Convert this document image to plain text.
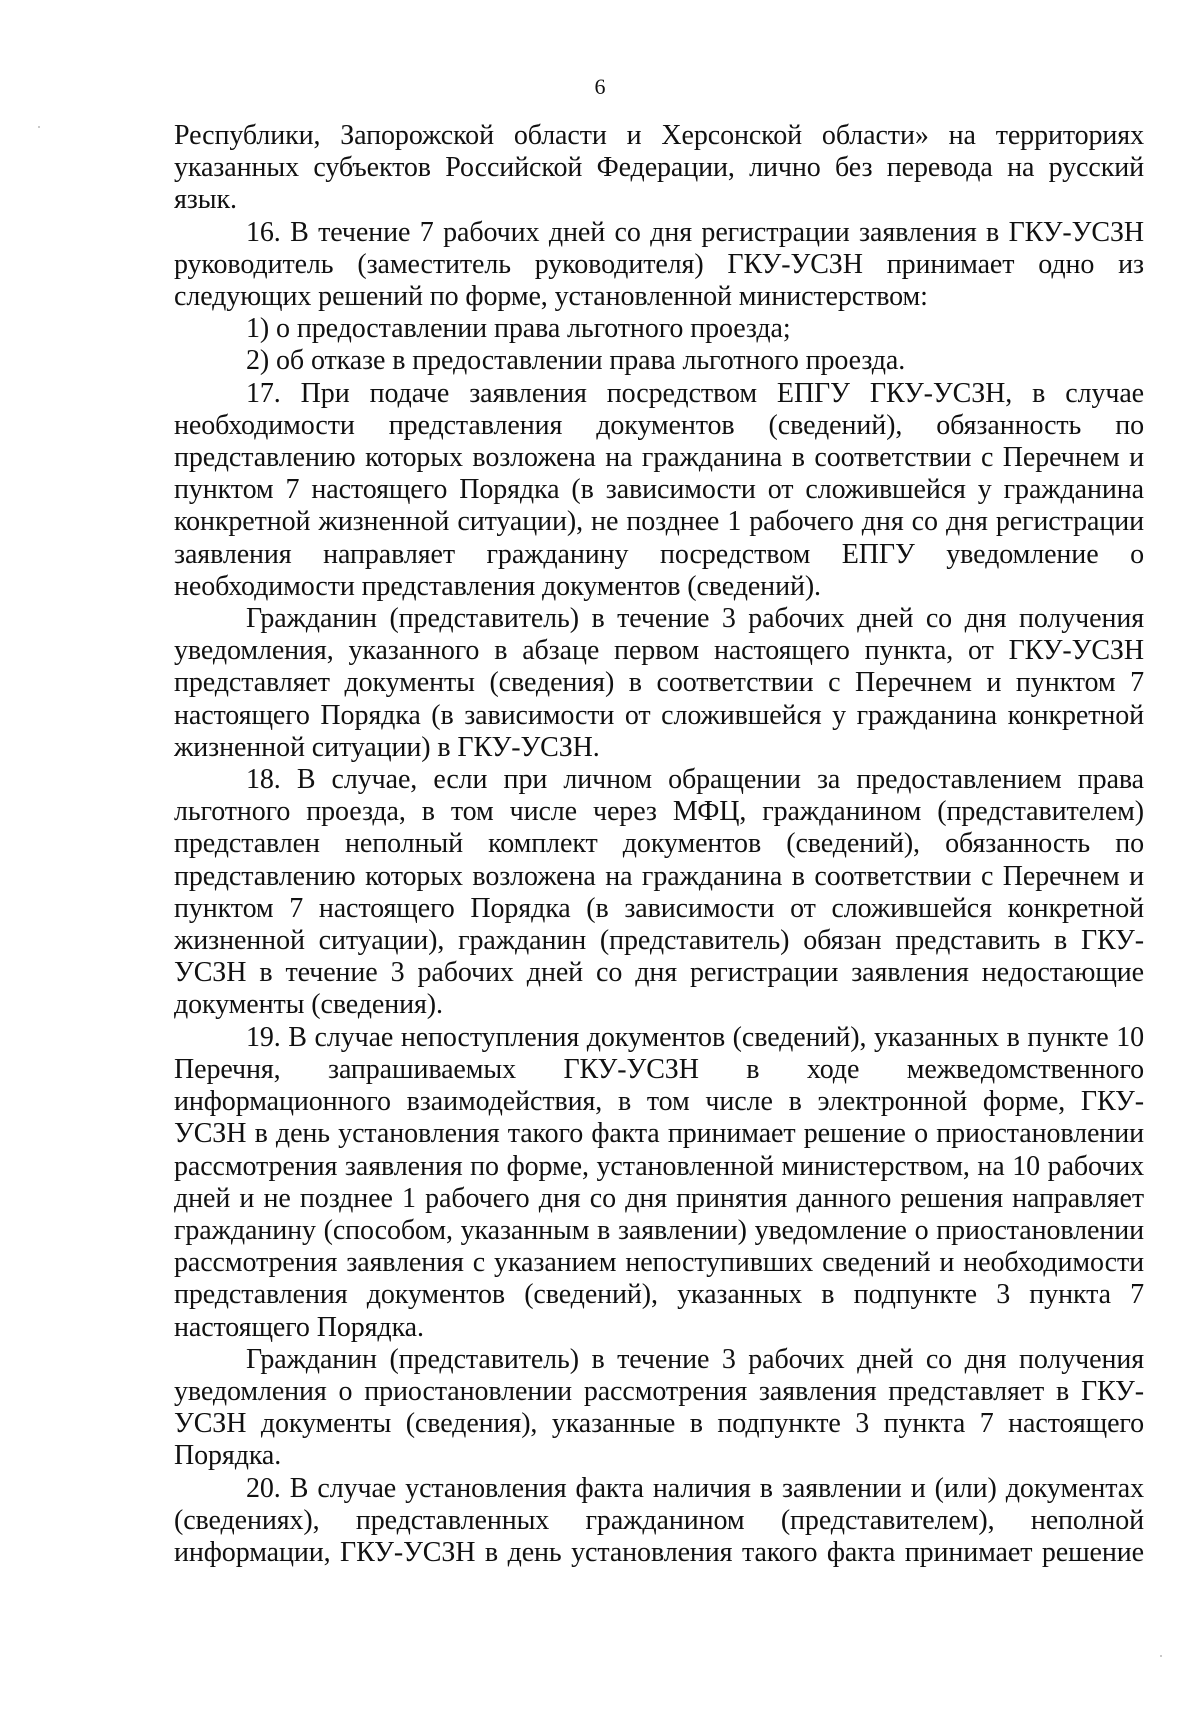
6

Республики, Запорожской области и Херсонской области» на территориях указанных субъектов Российской Федерации, лично без перевода на русский язык.

16. В течение 7 рабочих дней со дня регистрации заявления в ГКУ-УСЗН руководитель (заместитель руководителя) ГКУ-УСЗН принимает одно из следующих решений по форме, установленной министерством:

1) о предоставлении права льготного проезда;

2) об отказе в предоставлении права льготного проезда.

17. При подаче заявления посредством ЕПГУ ГКУ-УСЗН, в случае необходимости представления документов (сведений), обязанность по представлению которых возложена на гражданина в соответствии с Перечнем и пунктом 7 настоящего Порядка (в зависимости от сложившейся у гражданина конкретной жизненной ситуации), не позднее 1 рабочего дня со дня регистрации заявления направляет гражданину посредством ЕПГУ уведомление о необходимости представления документов (сведений).

Гражданин (представитель) в течение 3 рабочих дней со дня получения уведомления, указанного в абзаце первом настоящего пункта, от ГКУ-УСЗН представляет документы (сведения) в соответствии с Перечнем и пунктом 7 настоящего Порядка (в зависимости от сложившейся у гражданина конкретной жизненной ситуации) в ГКУ-УСЗН.

18. В случае, если при личном обращении за предоставлением права льготного проезда, в том числе через МФЦ, гражданином (представителем) представлен неполный комплект документов (сведений), обязанность по представлению которых возложена на гражданина в соответствии с Перечнем и пунктом 7 настоящего Порядка (в зависимости от сложившейся конкретной жизненной ситуации), гражданин (представитель) обязан представить в ГКУ-УСЗН в течение 3 рабочих дней со дня регистрации заявления недостающие документы (сведения).

19. В случае непоступления документов (сведений), указанных в пункте 10 Перечня, запрашиваемых ГКУ-УСЗН в ходе межведомственного информационного взаимодействия, в том числе в электронной форме, ГКУ-УСЗН в день установления такого факта принимает решение о приостановлении рассмотрения заявления по форме, установленной министерством, на 10 рабочих дней и не позднее 1 рабочего дня со дня принятия данного решения направляет гражданину (способом, указанным в заявлении) уведомление о приостановлении рассмотрения заявления с указанием непоступивших сведений и необходимости представления документов (сведений), указанных в подпункте 3 пункта 7 настоящего Порядка.

Гражданин (представитель) в течение 3 рабочих дней со дня получения уведомления о приостановлении рассмотрения заявления представляет в ГКУ-УСЗН документы (сведения), указанные в подпункте 3 пункта 7 настоящего Порядка.

20. В случае установления факта наличия в заявлении и (или) документах (сведениях), представленных гражданином (представителем), неполной информации, ГКУ-УСЗН в день установления такого факта принимает решение
